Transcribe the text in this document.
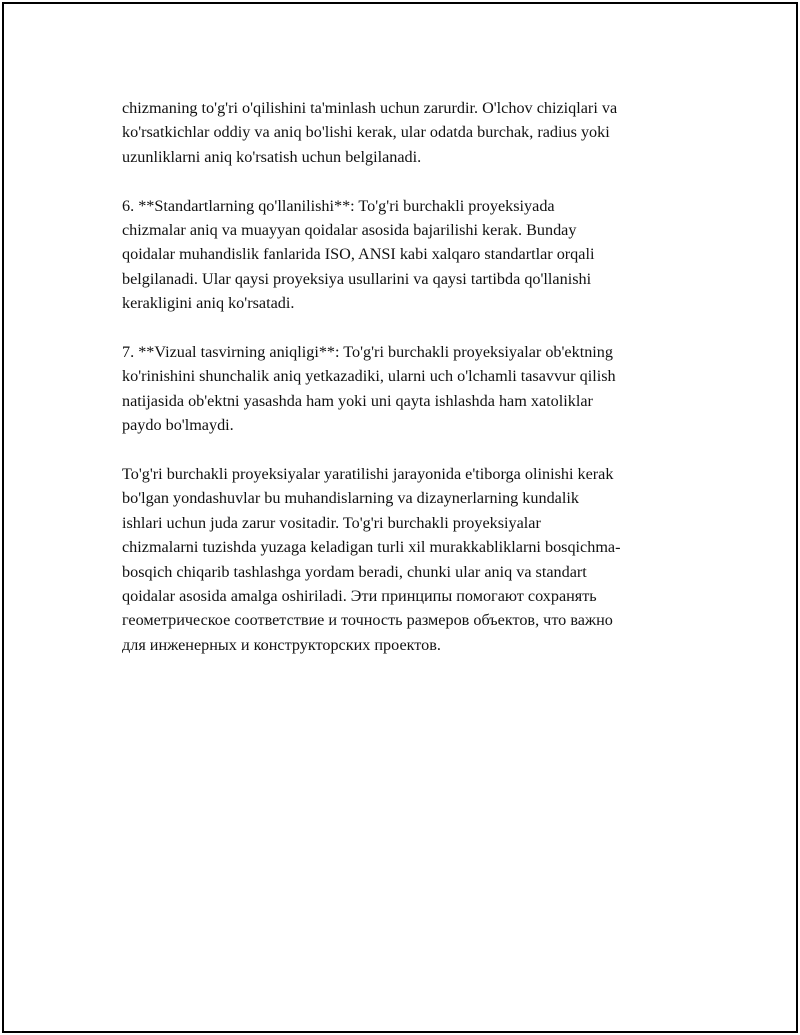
chizmaning to'g'ri o'qilishini ta'minlash uchun zarurdir. O'lchov chiziqlari va
ko'rsatkichlar oddiy va aniq bo'lishi kerak, ular odatda burchak, radius yoki
uzunliklarni aniq ko'rsatish uchun belgilanadi.

6. **Standartlarning qo'llanilishi**: To'g'ri burchakli proyeksiyada
chizmalar aniq va muayyan qoidalar asosida bajarilishi kerak. Bunday
qoidalar muhandislik fanlarida ISO, ANSI kabi xalqaro standartlar orqali
belgilanadi. Ular qaysi proyeksiya usullarini va qaysi tartibda qo'llanishi
kerakligini aniq ko'rsatadi.

7. **Vizual tasvirning aniqligi**: To'g'ri burchakli proyeksiyalar ob'ektning
ko'rinishini shunchalik aniq yetkazadiki, ularni uch o'lchamli tasavvur qilish
natijasida ob'ektni yasashda ham yoki uni qayta ishlashda ham xatoliklar
paydo bo'lmaydi.

To'g'ri burchakli proyeksiyalar yaratilishi jarayonida e'tiborga olinishi kerak
bo'lgan yondashuvlar bu muhandislarning va dizaynerlarning kundalik
ishlari uchun juda zarur vositadir. To'g'ri burchakli proyeksiyalar
chizmalarni tuzishda yuzaga keladigan turli xil murakkabliklarni bosqichma-
bosqich chiqarib tashlashga yordam beradi, chunki ular aniq va standart
qoidalar asosida amalga oshiriladi. Эти принципы помогают сохранять
геометрическое соответствие и точность размеров объектов, что важно
для инженерных и конструкторских проектов.
